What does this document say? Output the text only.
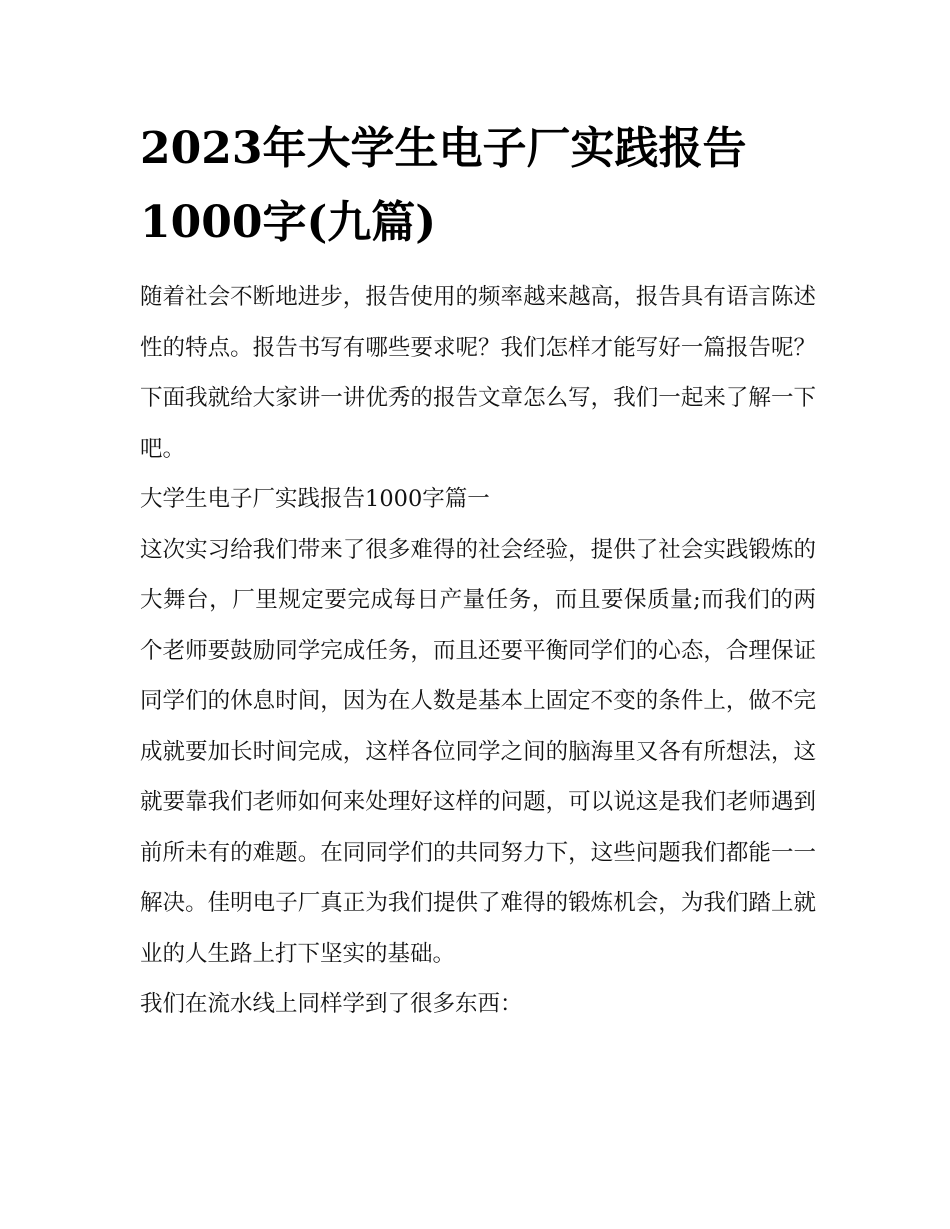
2023年大学生电子厂实践报告1000字(九篇)

随着社会不断地进步，报告使用的频率越来越高，报告具有语言陈述性的特点。报告书写有哪些要求呢？我们怎样才能写好一篇报告呢？下面我就给大家讲一讲优秀的报告文章怎么写，我们一起来了解一下吧。

大学生电子厂实践报告1000字篇一

这次实习给我们带来了很多难得的社会经验，提供了社会实践锻炼的大舞台，厂里规定要完成每日产量任务，而且要保质量;而我们的两个老师要鼓励同学完成任务，而且还要平衡同学们的心态，合理保证同学们的休息时间，因为在人数是基本上固定不变的条件上，做不完成就要加长时间完成，这样各位同学之间的脑海里又各有所想法，这就要靠我们老师如何来处理好这样的问题，可以说这是我们老师遇到前所未有的难题。在同同学们的共同努力下，这些问题我们都能一一解决。佳明电子厂真正为我们提供了难得的锻炼机会，为我们踏上就业的人生路上打下坚实的基础。

我们在流水线上同样学到了很多东西：
